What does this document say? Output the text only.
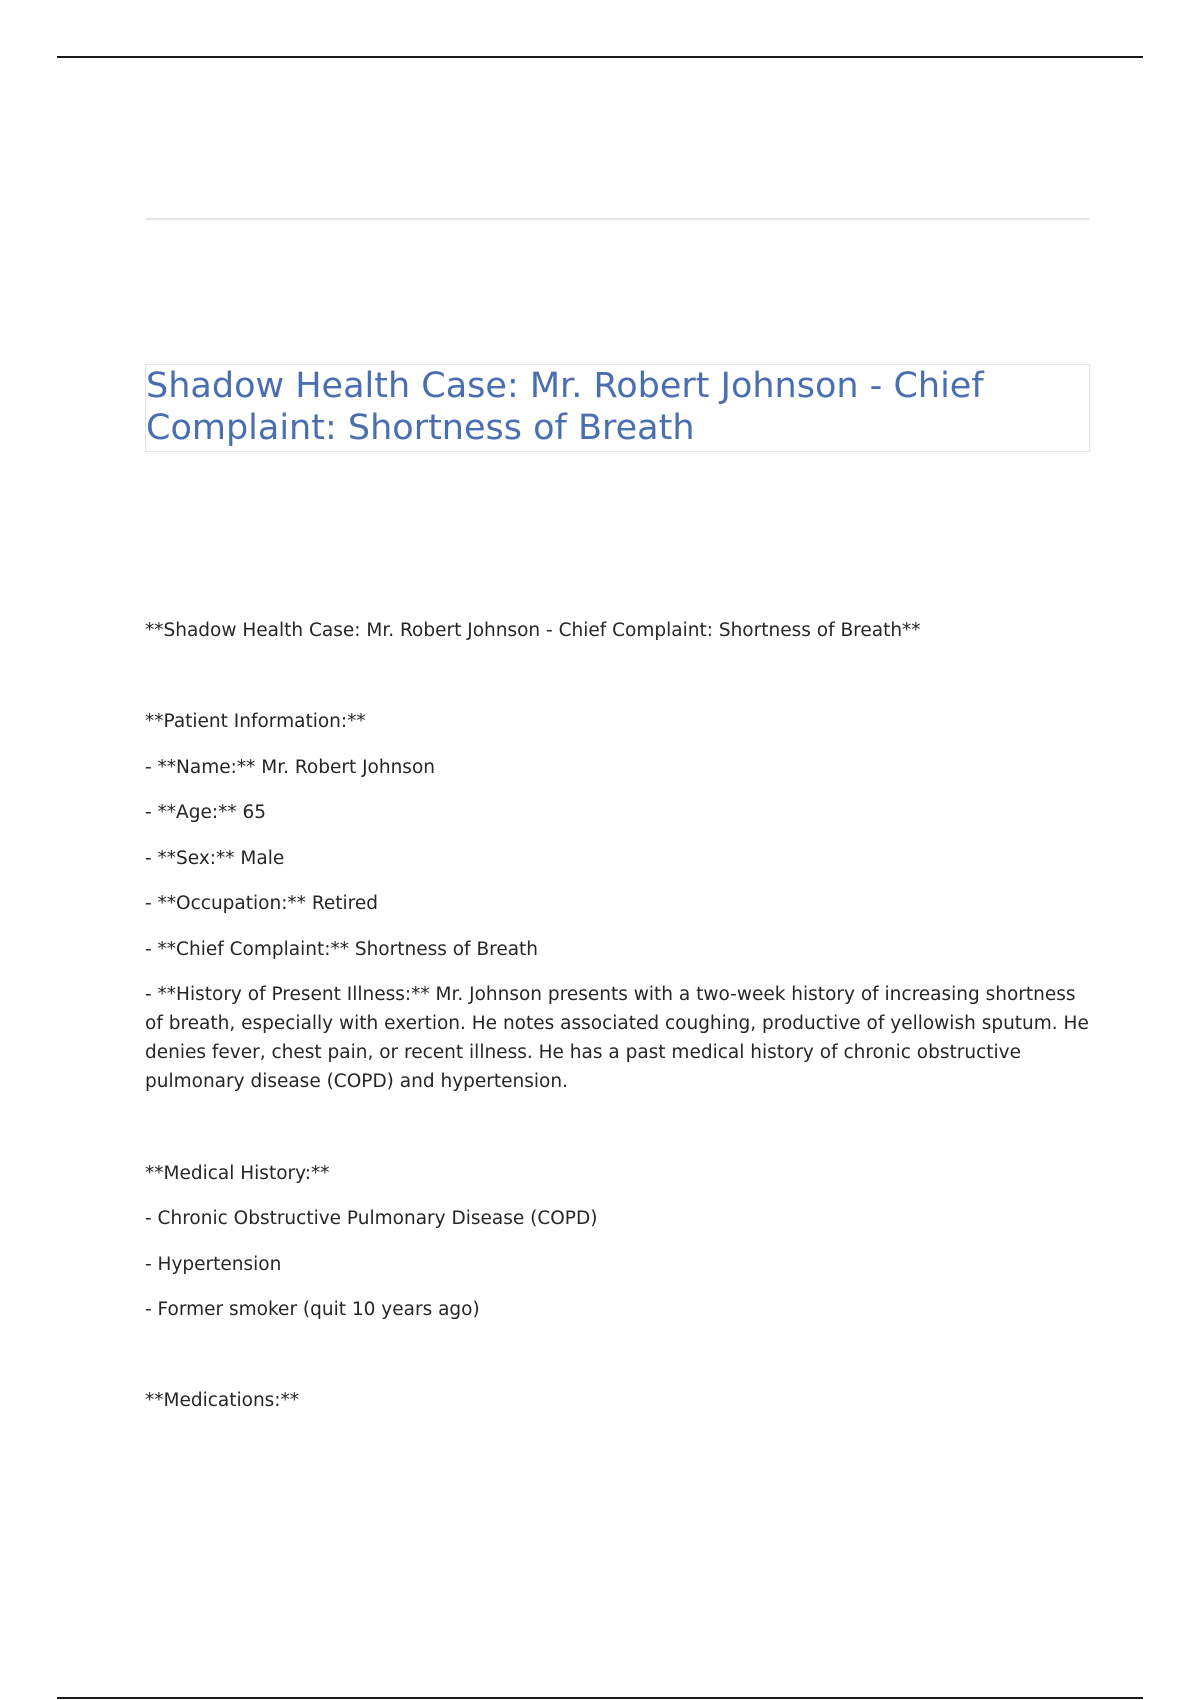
Shadow Health Case: Mr. Robert Johnson - Chief Complaint: Shortness of Breath

**Shadow Health Case: Mr. Robert Johnson - Chief Complaint: Shortness of Breath**

**Patient Information:**

- **Name:** Mr. Robert Johnson

- **Age:** 65

- **Sex:** Male

- **Occupation:** Retired

- **Chief Complaint:** Shortness of Breath

- **History of Present Illness:** Mr. Johnson presents with a two-week history of increasing shortness of breath, especially with exertion. He notes associated coughing, productive of yellowish sputum. He denies fever, chest pain, or recent illness. He has a past medical history of chronic obstructive pulmonary disease (COPD) and hypertension.

**Medical History:**

- Chronic Obstructive Pulmonary Disease (COPD)

- Hypertension

- Former smoker (quit 10 years ago)

**Medications:**
